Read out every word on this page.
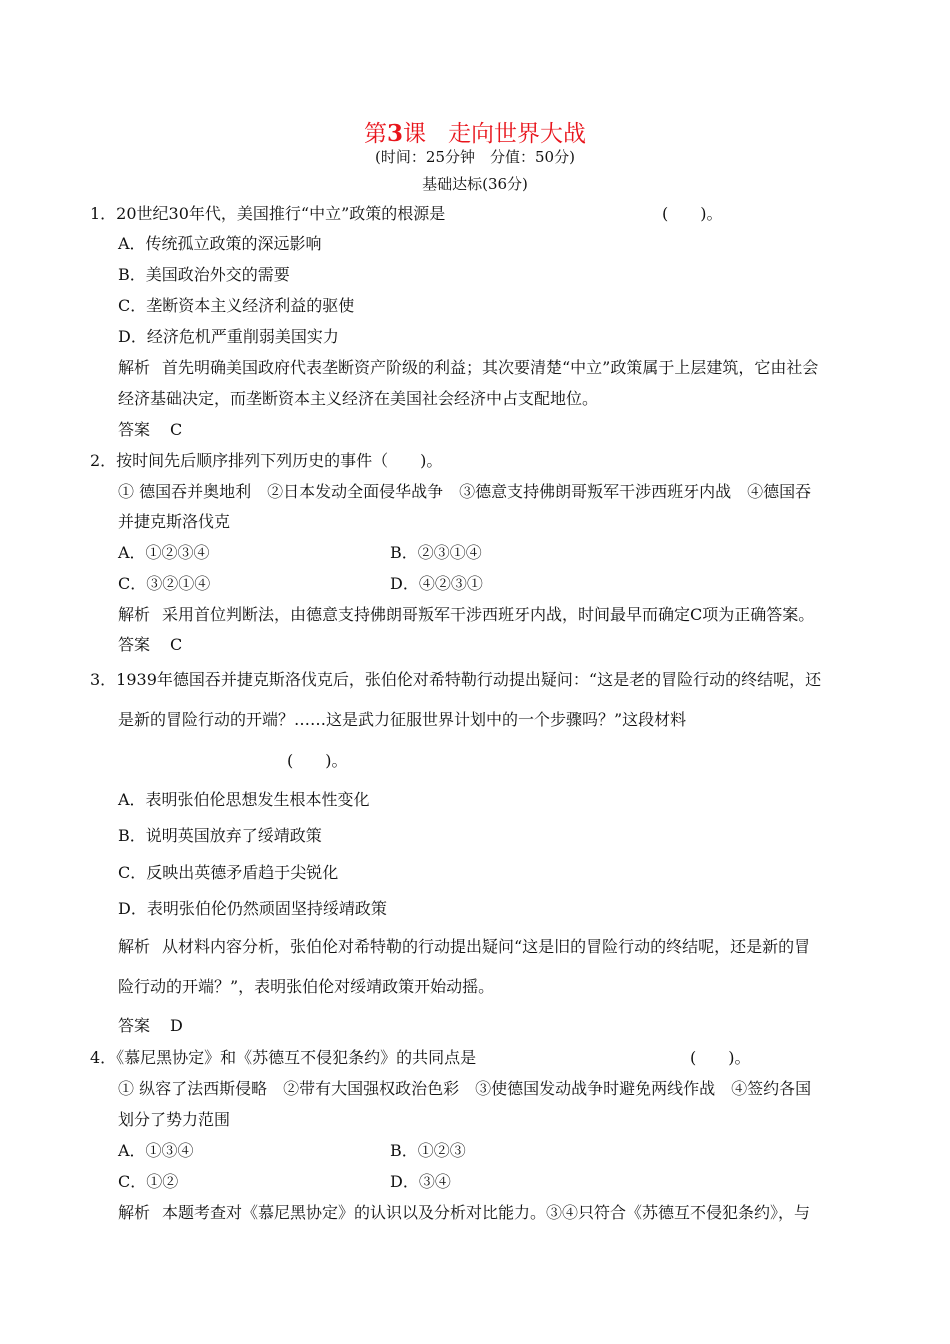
第3课 走向世界大战
(时间：25分钟　分值：50分)
基础达标(36分)
1．20世纪30年代，美国推行“中立”政策的根源是	(　　)。
A．传统孤立政策的深远影响
B．美国政治外交的需要
C．垄断资本主义经济利益的驱使
D．经济危机严重削弱美国实力
解析 首先明确美国政府代表垄断资产阶级的利益；其次要清楚“中立”政策属于上层建筑，它由社会
经济基础决定，而垄断资本主义经济在美国社会经济中占支配地位。
答案 C
2．按时间先后顺序排列下列历史的事件（　　)。
① 德国吞并奥地利　②日本发动全面侵华战争　③德意支持佛朗哥叛军干涉西班牙内战　④德国吞
并捷克斯洛伐克
A．①②③④	B．②③①④
C．③②①④	D．④②③①
解析 采用首位判断法，由德意支持佛朗哥叛军干涉西班牙内战，时间最早而确定C项为正确答案。
答案 C
3．1939年德国吞并捷克斯洛伐克后，张伯伦对希特勒行动提出疑问：“这是老的冒险行动的终结呢，还
是新的冒险行动的开端？……这是武力征服世界计划中的一个步骤吗？”这段材料
(　　)。
A．表明张伯伦思想发生根本性变化
B．说明英国放弃了绥靖政策
C．反映出英德矛盾趋于尖锐化
D．表明张伯伦仍然顽固坚持绥靖政策
解析 从材料内容分析，张伯伦对希特勒的行动提出疑问“这是旧的冒险行动的终结呢，还是新的冒
险行动的开端？”，表明张伯伦对绥靖政策开始动摇。
答案 D
4．《慕尼黑协定》和《苏德互不侵犯条约》的共同点是	(　　)。
① 纵容了法西斯侵略　②带有大国强权政治色彩　③使德国发动战争时避免两线作战　④签约各国
划分了势力范围
A．①③④	B．①②③
C．①②	D．③④
解析 本题考查对《慕尼黑协定》的认识以及分析对比能力。③④只符合《苏德互不侵犯条约》，与
